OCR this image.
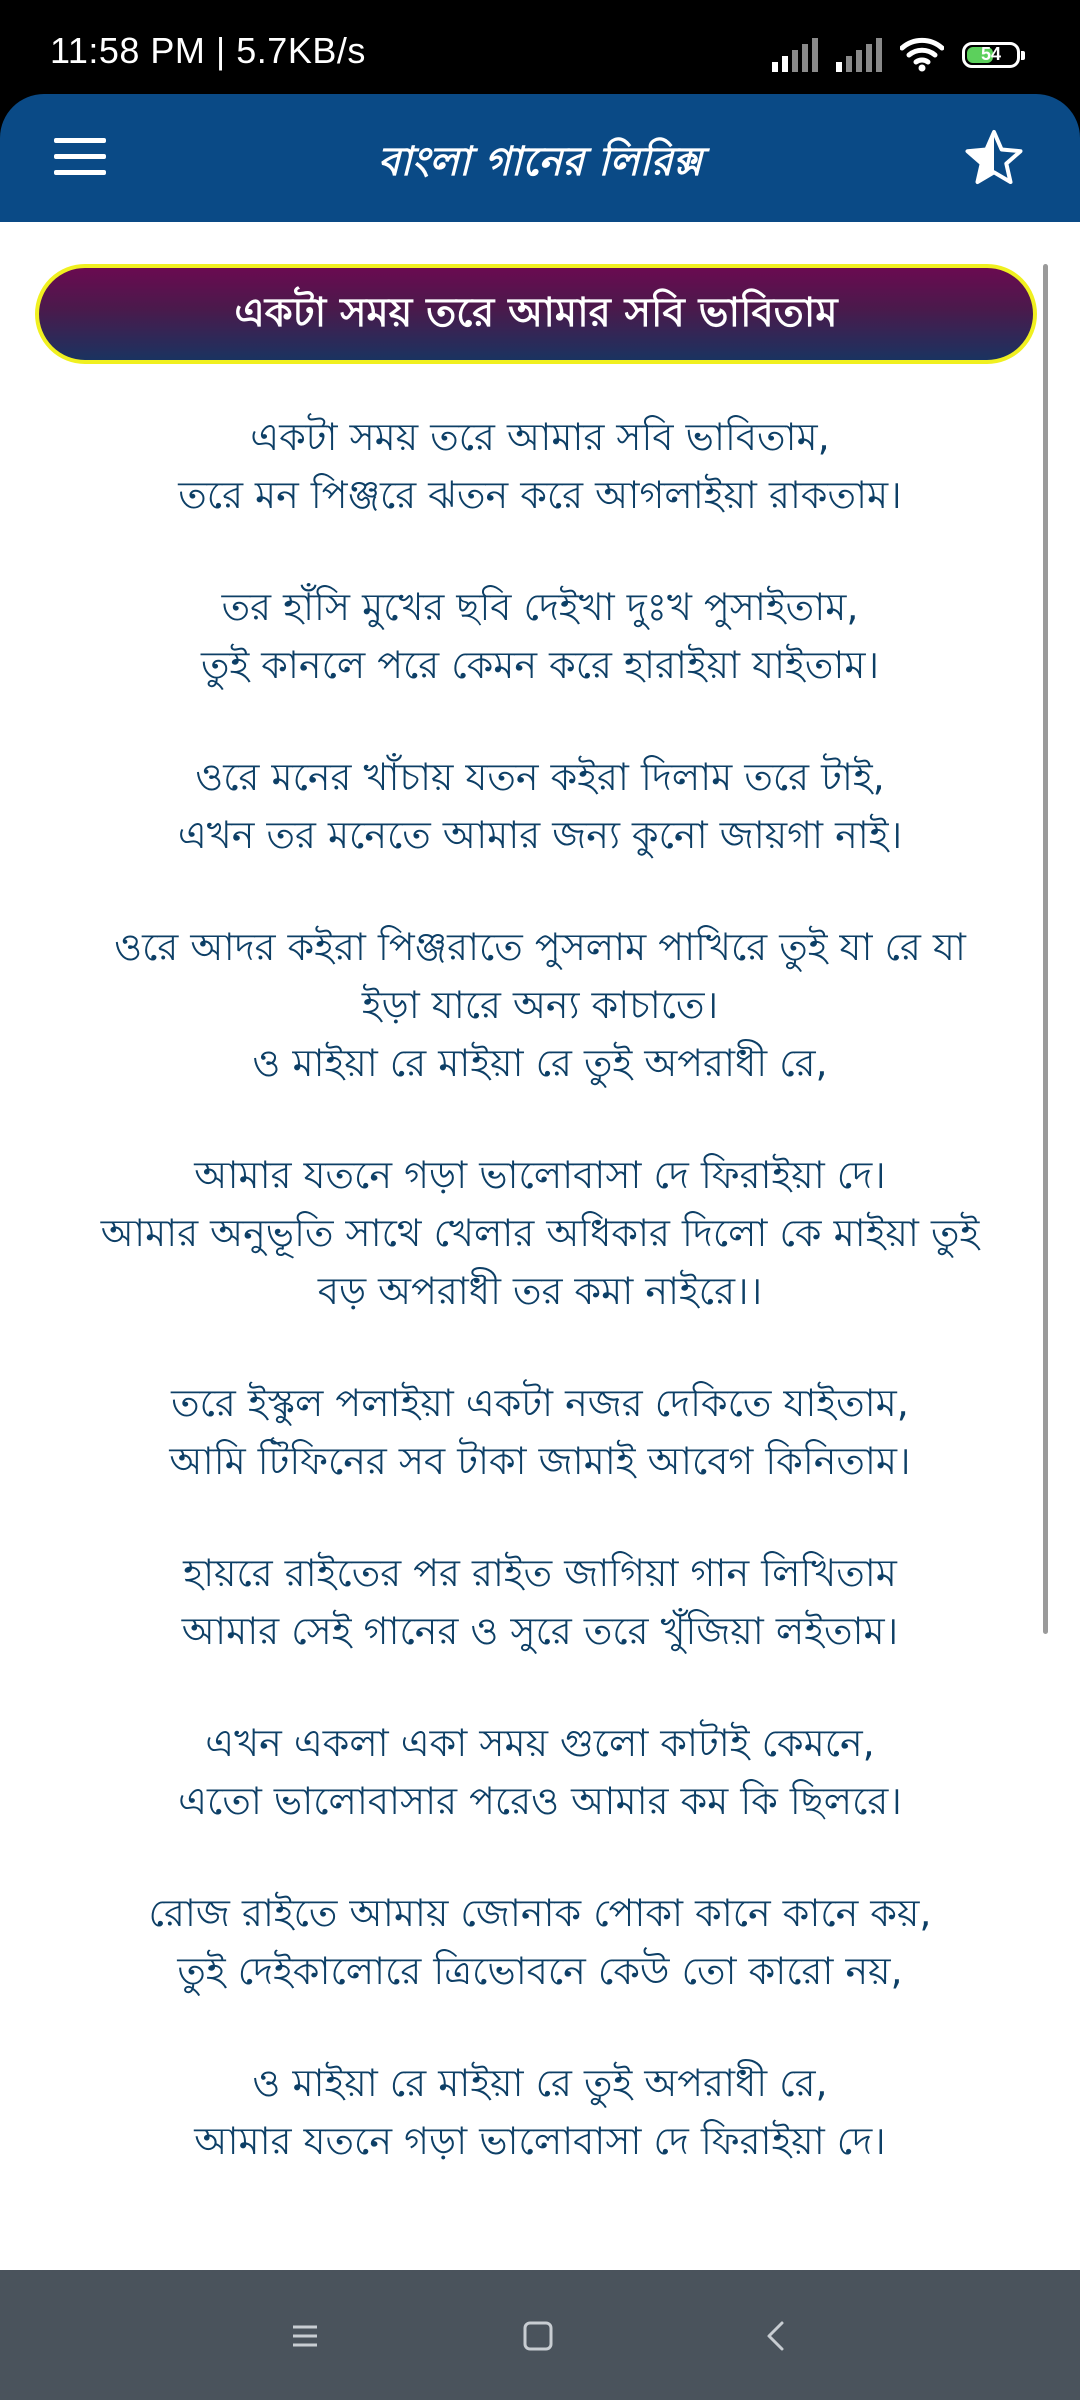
11:58 PM | 5.7KB/s	54
বাংলা গানের লিরিক্স
একটা সময় তরে আমার সবি ভাবিতাম
একটা সময় তরে আমার সবি ভাবিতাম,
তরে মন পিঞ্জরে ঝতন করে আগলাইয়া রাকতাম।
তর হাঁসি মুখের ছবি দেইখা দুঃখ পুসাইতাম,
তুই কানলে পরে কেমন করে হারাইয়া যাইতাম।
ওরে মনের খাঁচায় যতন কইরা দিলাম তরে টাই,
এখন তর মনেতে আমার জন্য কুনো জায়গা নাই।
ওরে আদর কইরা পিঞ্জরাতে পুসলাম পাখিরে তুই যা রে যা
ইড়া যারে অন্য কাচাতে।
ও মাইয়া রে মাইয়া রে তুই অপরাধী রে,
আমার যতনে গড়া ভালোবাসা দে ফিরাইয়া দে।
আমার অনুভূতি সাথে খেলার অধিকার দিলো কে মাইয়া তুই
বড় অপরাধী তর কমা নাইরে।।
তরে ইস্কুল পলাইয়া একটা নজর দেকিতে যাইতাম,
আমি টিফিনের সব টাকা জামাই আবেগ কিনিতাম।
হায়রে রাইতের পর রাইত জাগিয়া গান লিখিতাম
আমার সেই গানের ও সুরে তরে খুঁজিয়া লইতাম।
এখন একলা একা সময় গুলো কাটাই কেমনে,
এতো ভালোবাসার পরেও আমার কম কি ছিলরে।
রোজ রাইতে আমায় জোনাক পোকা কানে কানে কয়,
তুই দেইকালোরে ত্রিভোবনে কেউ তো কারো নয়,
ও মাইয়া রে মাইয়া রে তুই অপরাধী রে,
আমার যতনে গড়া ভালোবাসা দে ফিরাইয়া দে।
